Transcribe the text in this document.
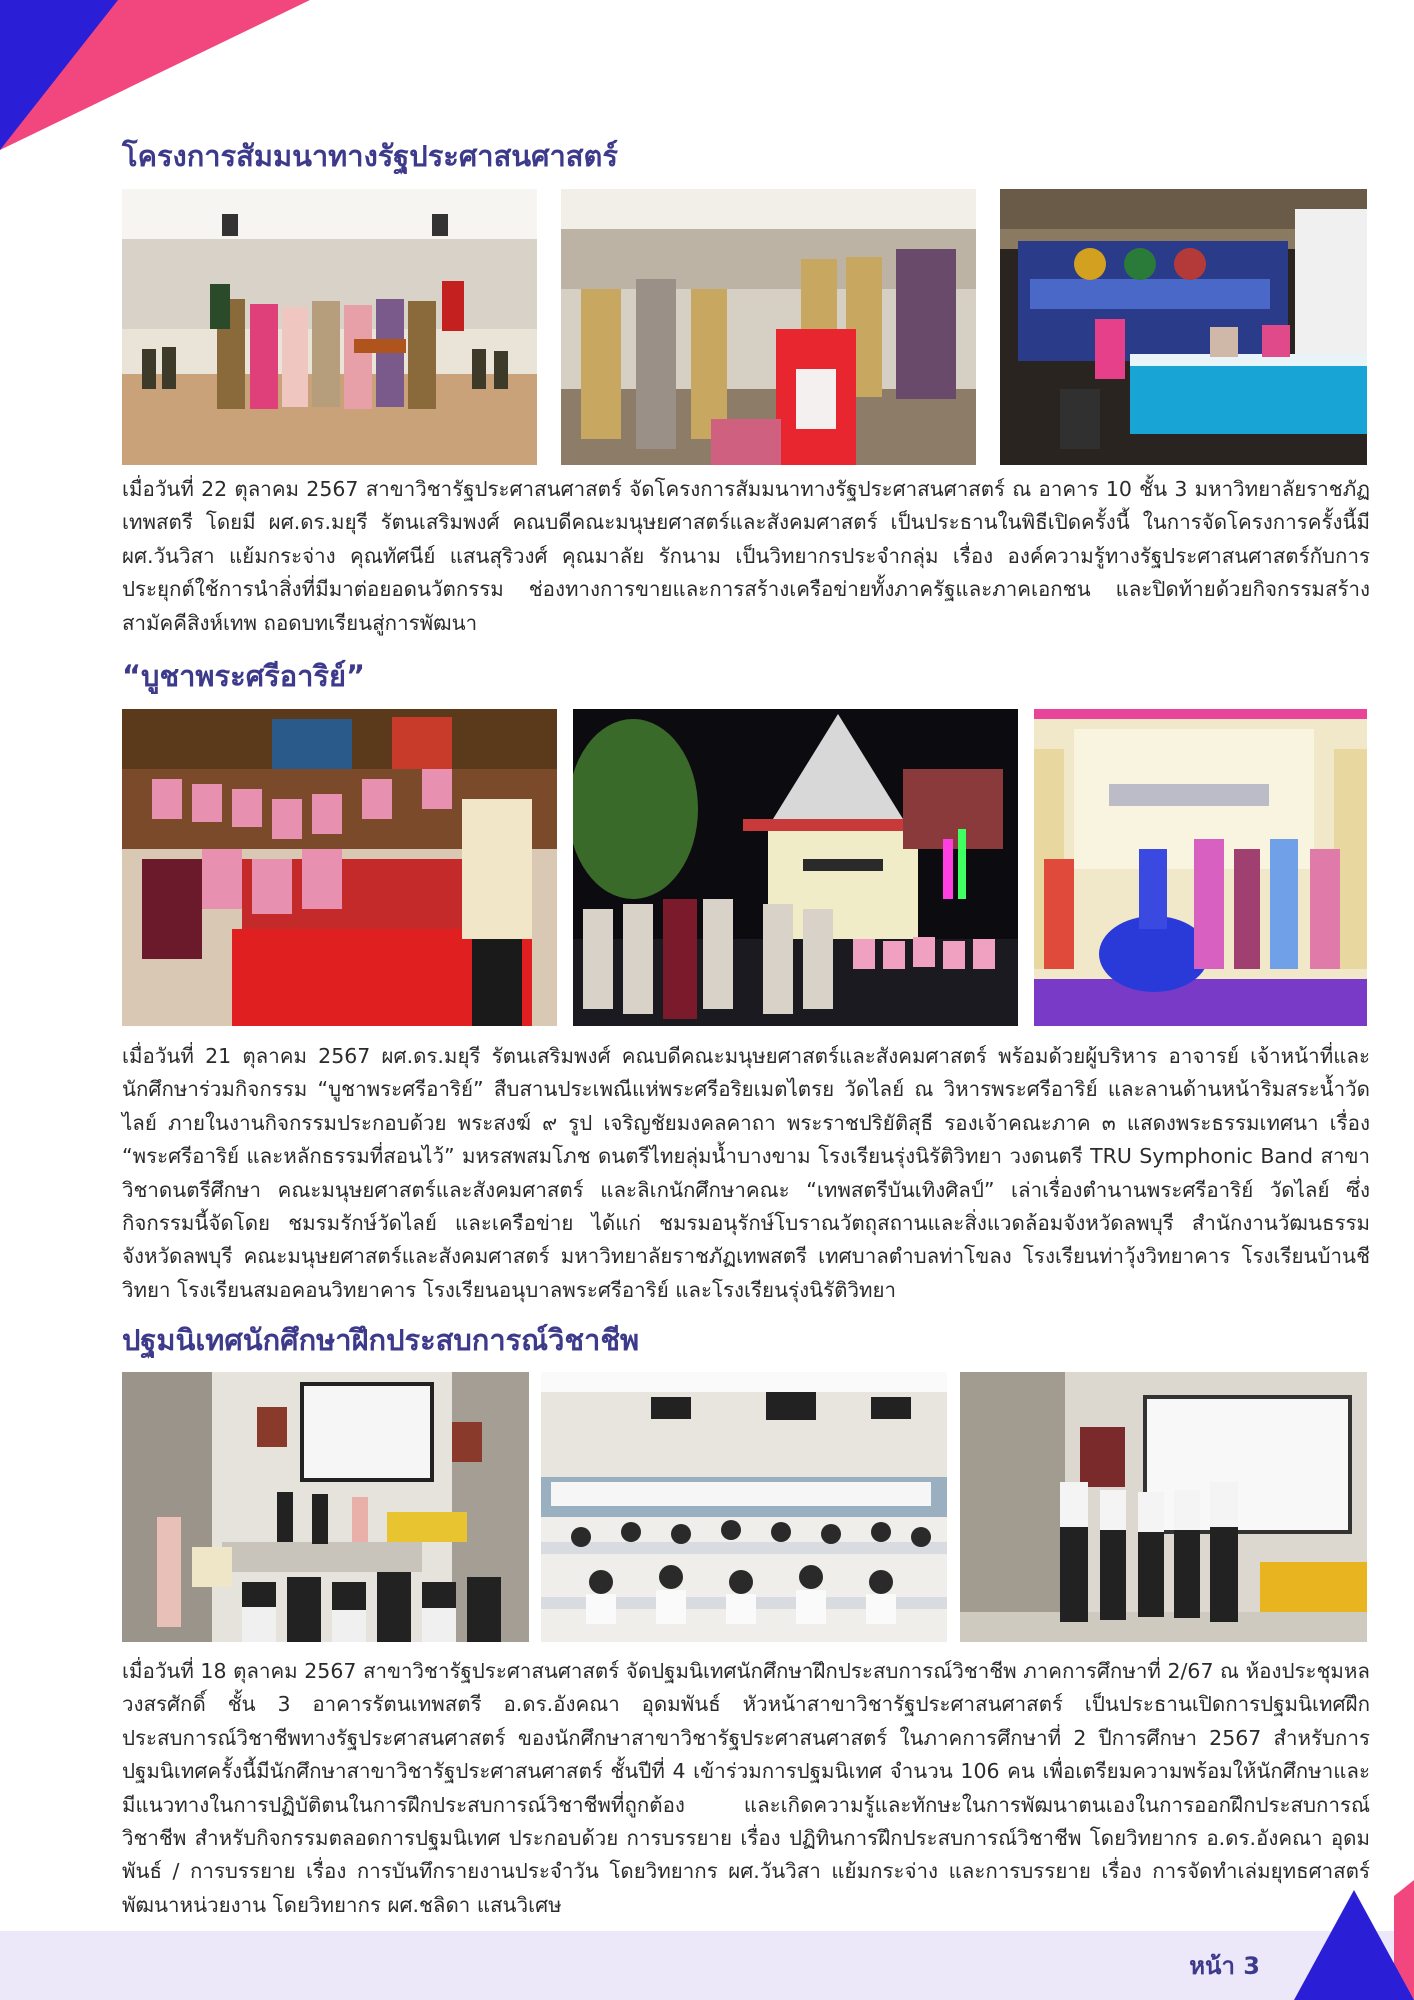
โครงการสัมมนาทางรัฐประศาสนศาสตร์

เมื่อวันที่ 22 ตุลาคม 2567 สาขาวิชารัฐประศาสนศาสตร์ จัดโครงการสัมมนาทางรัฐประศาสนศาสตร์ ณ อาคาร 10 ชั้น 3 มหาวิทยาลัยราชภัฏเทพสตรี โดยมี ผศ.ดร.มยุรี รัตนเสริมพงศ์ คณบดีคณะมนุษยศาสตร์และสังคมศาสตร์ เป็นประธานในพิธีเปิดครั้งนี้ ในการจัดโครงการครั้งนี้มี ผศ.วันวิสา แย้มกระจ่าง คุณทัศนีย์ แสนสุริวงศ์ คุณมาลัย รักนาม เป็นวิทยากรประจำกลุ่ม เรื่อง องค์ความรู้ทางรัฐประศาสนศาสตร์กับการประยุกต์ใช้การนำสิ่งที่มีมาต่อยอดนวัตกรรม ช่องทางการขายและการสร้างเครือข่ายทั้งภาครัฐและภาคเอกชน และปิดท้ายด้วยกิจกรรมสร้างสามัคคีสิงห์เทพ ถอดบทเรียนสู่การพัฒนา

“บูชาพระศรีอาริย์”

เมื่อวันที่ 21 ตุลาคม 2567 ผศ.ดร.มยุรี รัตนเสริมพงศ์ คณบดีคณะมนุษยศาสตร์และสังคมศาสตร์ พร้อมด้วยผู้บริหาร อาจารย์ เจ้าหน้าที่และนักศึกษาร่วมกิจกรรม “บูชาพระศรีอาริย์” สืบสานประเพณีแห่พระศรีอริยเมตไตรย วัดไลย์ ณ วิหารพระศรีอาริย์ และลานด้านหน้าริมสระน้ำวัดไลย์ ภายในงานกิจกรรมประกอบด้วย พระสงฆ์ ๙ รูป เจริญชัยมงคลคาถา พระราชปริยัติสุธี รองเจ้าคณะภาค ๓ แสดงพระธรรมเทศนา เรื่อง “พระศรีอาริย์ และหลักธรรมที่สอนไว้” มหรสพสมโภช ดนตรีไทยลุ่มน้ำบางขาม โรงเรียนรุ่งนิรัติวิทยา วงดนตรี TRU Symphonic Band สาขาวิชาดนตรีศึกษา คณะมนุษยศาสตร์และสังคมศาสตร์ และลิเกนักศึกษาคณะ “เทพสตรีบันเทิงศิลป์” เล่าเรื่องตำนานพระศรีอาริย์ วัดไลย์ ซึ่งกิจกรรมนี้จัดโดย ชมรมรักษ์วัดไลย์ และเครือข่าย ได้แก่ ชมรมอนุรักษ์โบราณวัตถุสถานและสิ่งแวดล้อมจังหวัดลพบุรี สำนักงานวัฒนธรรมจังหวัดลพบุรี คณะมนุษยศาสตร์และสังคมศาสตร์ มหาวิทยาลัยราชภัฏเทพสตรี เทศบาลตำบลท่าโขลง โรงเรียนท่าวุ้งวิทยาคาร โรงเรียนบ้านชีวิทยา โรงเรียนสมอคอนวิทยาคาร โรงเรียนอนุบาลพระศรีอาริย์ และโรงเรียนรุ่งนิรัติวิทยา

ปฐมนิเทศนักศึกษาฝึกประสบการณ์วิชาชีพ

เมื่อวันที่ 18 ตุลาคม 2567 สาขาวิชารัฐประศาสนศาสตร์ จัดปฐมนิเทศนักศึกษาฝึกประสบการณ์วิชาชีพ ภาคการศึกษาที่ 2/67 ณ ห้องประชุมหลวงสรศักดิ์ ชั้น 3 อาคารรัตนเทพสตรี อ.ดร.อังคณา อุดมพันธ์ หัวหน้าสาขาวิชารัฐประศาสนศาสตร์ เป็นประธานเปิดการปฐมนิเทศฝึกประสบการณ์วิชาชีพทางรัฐประศาสนศาสตร์ ของนักศึกษาสาขาวิชารัฐประศาสนศาสตร์ ในภาคการศึกษาที่ 2 ปีการศึกษา 2567 สำหรับการปฐมนิเทศครั้งนี้มีนักศึกษาสาขาวิชารัฐประศาสนศาสตร์ ชั้นปีที่ 4 เข้าร่วมการปฐมนิเทศ จำนวน 106 คน เพื่อเตรียมความพร้อมให้นักศึกษาและมีแนวทางในการปฏิบัติตนในการฝึกประสบการณ์วิชาชีพที่ถูกต้อง และเกิดความรู้และทักษะในการพัฒนาตนเองในการออกฝึกประสบการณ์วิชาชีพ สำหรับกิจกรรมตลอดการปฐมนิเทศ ประกอบด้วย การบรรยาย เรื่อง ปฏิทินการฝึกประสบการณ์วิชาชีพ โดยวิทยากร อ.ดร.อังคณา อุดมพันธ์ / การบรรยาย เรื่อง การบันทึกรายงานประจำวัน โดยวิทยากร ผศ.วันวิสา แย้มกระจ่าง และการบรรยาย เรื่อง การจัดทำเล่มยุทธศาสตร์พัฒนาหน่วยงาน โดยวิทยากร ผศ.ชลิดา แสนวิเศษ

หน้า 3
